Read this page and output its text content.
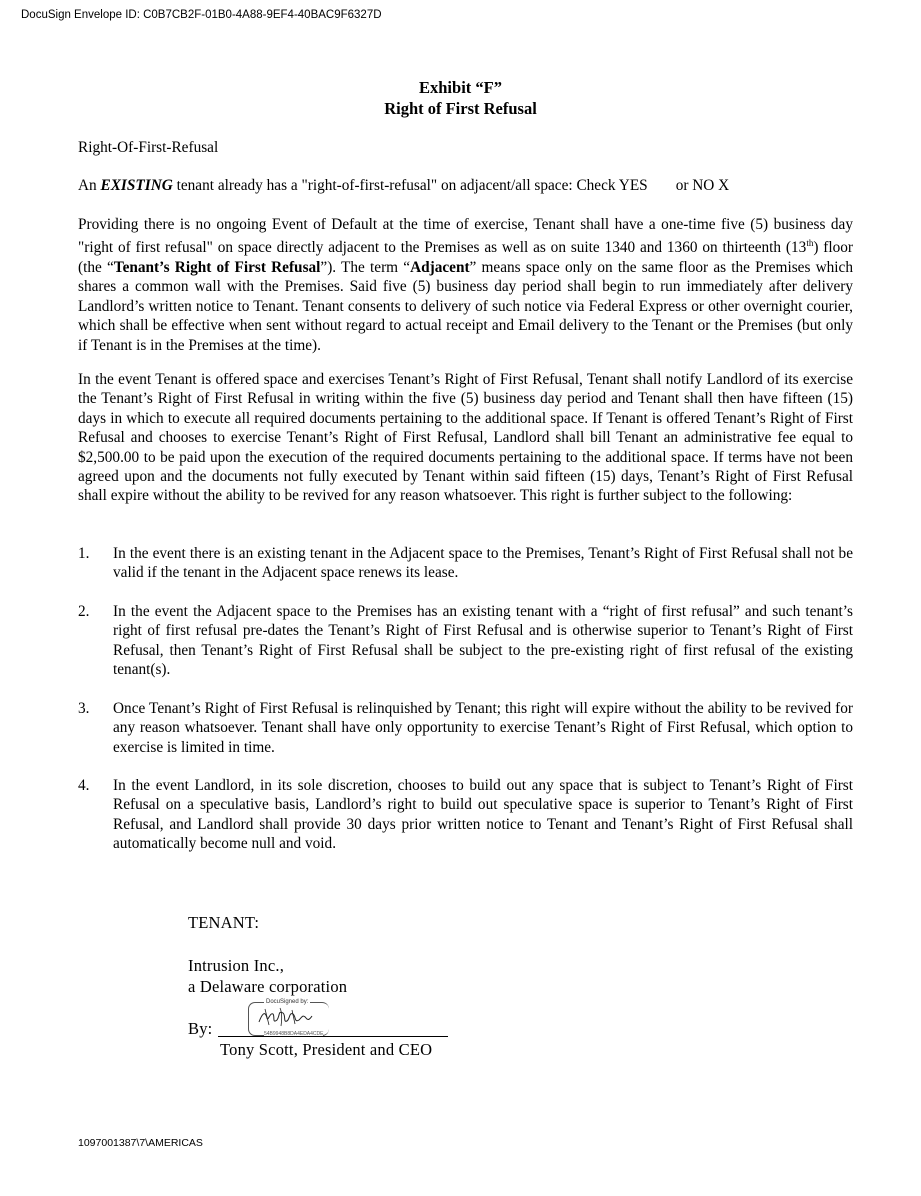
DocuSign Envelope ID: C0B7CB2F-01B0-4A88-9EF4-40BAC9F6327D
Exhibit “F”
Right of First Refusal
Right-Of-First-Refusal
An EXISTING tenant already has a "right-of-first-refusal" on adjacent/all space: Check YES or NO X
Providing there is no ongoing Event of Default at the time of exercise, Tenant shall have a one-time five (5) business day "right of first refusal" on space directly adjacent to the Premises as well as on suite 1340 and 1360 on thirteenth (13th) floor (the “Tenant’s Right of First Refusal”). The term “Adjacent” means space only on the same floor as the Premises which shares a common wall with the Premises. Said five (5) business day period shall begin to run immediately after delivery Landlord’s written notice to Tenant. Tenant consents to delivery of such notice via Federal Express or other overnight courier, which shall be effective when sent without regard to actual receipt and Email delivery to the Tenant or the Premises (but only if Tenant is in the Premises at the time).
In the event Tenant is offered space and exercises Tenant’s Right of First Refusal, Tenant shall notify Landlord of its exercise the Tenant’s Right of First Refusal in writing within the five (5) business day period and Tenant shall then have fifteen (15) days in which to execute all required documents pertaining to the additional space. If Tenant is offered Tenant’s Right of First Refusal and chooses to exercise Tenant’s Right of First Refusal, Landlord shall bill Tenant an administrative fee equal to $2,500.00 to be paid upon the execution of the required documents pertaining to the additional space. If terms have not been agreed upon and the documents not fully executed by Tenant within said fifteen (15) days, Tenant’s Right of First Refusal shall expire without the ability to be revived for any reason whatsoever. This right is further subject to the following:
1. In the event there is an existing tenant in the Adjacent space to the Premises, Tenant’s Right of First Refusal shall not be valid if the tenant in the Adjacent space renews its lease.
2. In the event the Adjacent space to the Premises has an existing tenant with a “right of first refusal” and such tenant’s right of first refusal pre-dates the Tenant’s Right of First Refusal and is otherwise superior to Tenant’s Right of First Refusal, then Tenant’s Right of First Refusal shall be subject to the pre-existing right of first refusal of the existing tenant(s).
3. Once Tenant’s Right of First Refusal is relinquished by Tenant; this right will expire without the ability to be revived for any reason whatsoever. Tenant shall have only opportunity to exercise Tenant’s Right of First Refusal, which option to exercise is limited in time.
4. In the event Landlord, in its sole discretion, chooses to build out any space that is subject to Tenant’s Right of First Refusal on a speculative basis, Landlord’s right to build out speculative space is superior to Tenant’s Right of First Refusal, and Landlord shall provide 30 days prior written notice to Tenant and Tenant’s Right of First Refusal shall automatically become null and void.
TENANT:
Intrusion Inc.,
a Delaware corporation
By:
DocuSigned by:
54B9948B8DA4EDA4CDE
Tony Scott, President and CEO
1097001387\7\AMERICAS
